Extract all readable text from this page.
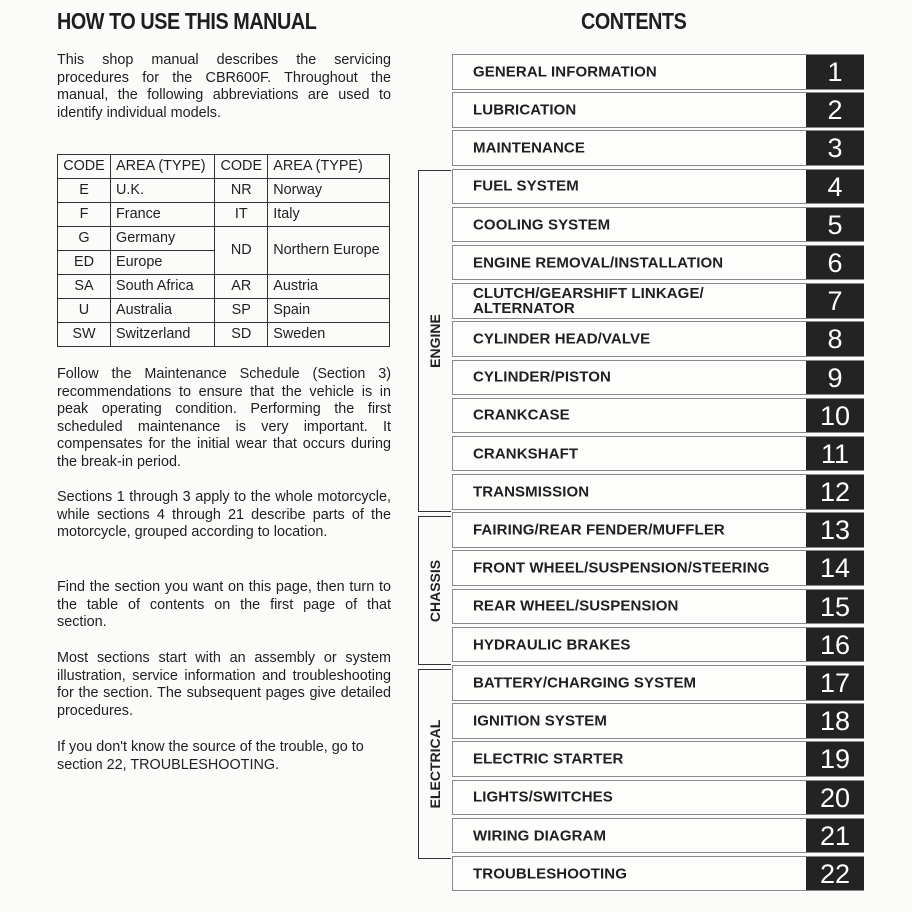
HOW TO USE THIS MANUAL	CONTENTS

This shop manual describes the servicing procedures for the CBR600F. Throughout the manual, the following abbreviations are used to identify individual models.

CODE	AREA (TYPE)	CODE	AREA (TYPE)
E	U.K.	NR	Norway
F	France	IT	Italy
G	Germany	ND	Northern Europe
ED	Europe		
SA	South Africa	AR	Austria
U	Australia	SP	Spain
SW	Switzerland	SD	Sweden

Follow the Maintenance Schedule (Section 3) recommendations to ensure that the vehicle is in peak operating condition. Performing the first scheduled maintenance is very important. It compensates for the initial wear that occurs during the break-in period.

Sections 1 through 3 apply to the whole motorcycle, while sections 4 through 21 describe parts of the motorcycle, grouped according to location.

Find the section you want on this page, then turn to the table of contents on the first page of that section.

Most sections start with an assembly or system illustration, service information and troubleshooting for the section. The subsequent pages give detailed procedures.

If you don't know the source of the trouble, go to section 22, TROUBLESHOOTING.

ENGINE
CHASSIS
ELECTRICAL
GENERAL INFORMATION	1
LUBRICATION	2
MAINTENANCE	3
FUEL SYSTEM	4
COOLING SYSTEM	5
ENGINE REMOVAL/INSTALLATION	6
CLUTCH/GEARSHIFT LINKAGE/
ALTERNATOR	7
CYLINDER HEAD/VALVE	8
CYLINDER/PISTON	9
CRANKCASE	10
CRANKSHAFT	11
TRANSMISSION	12
FAIRING/REAR FENDER/MUFFLER	13
FRONT WHEEL/SUSPENSION/STEERING	14
REAR WHEEL/SUSPENSION	15
HYDRAULIC BRAKES	16
BATTERY/CHARGING SYSTEM	17
IGNITION SYSTEM	18
ELECTRIC STARTER	19
LIGHTS/SWITCHES	20
WIRING DIAGRAM	21
TROUBLESHOOTING	22
